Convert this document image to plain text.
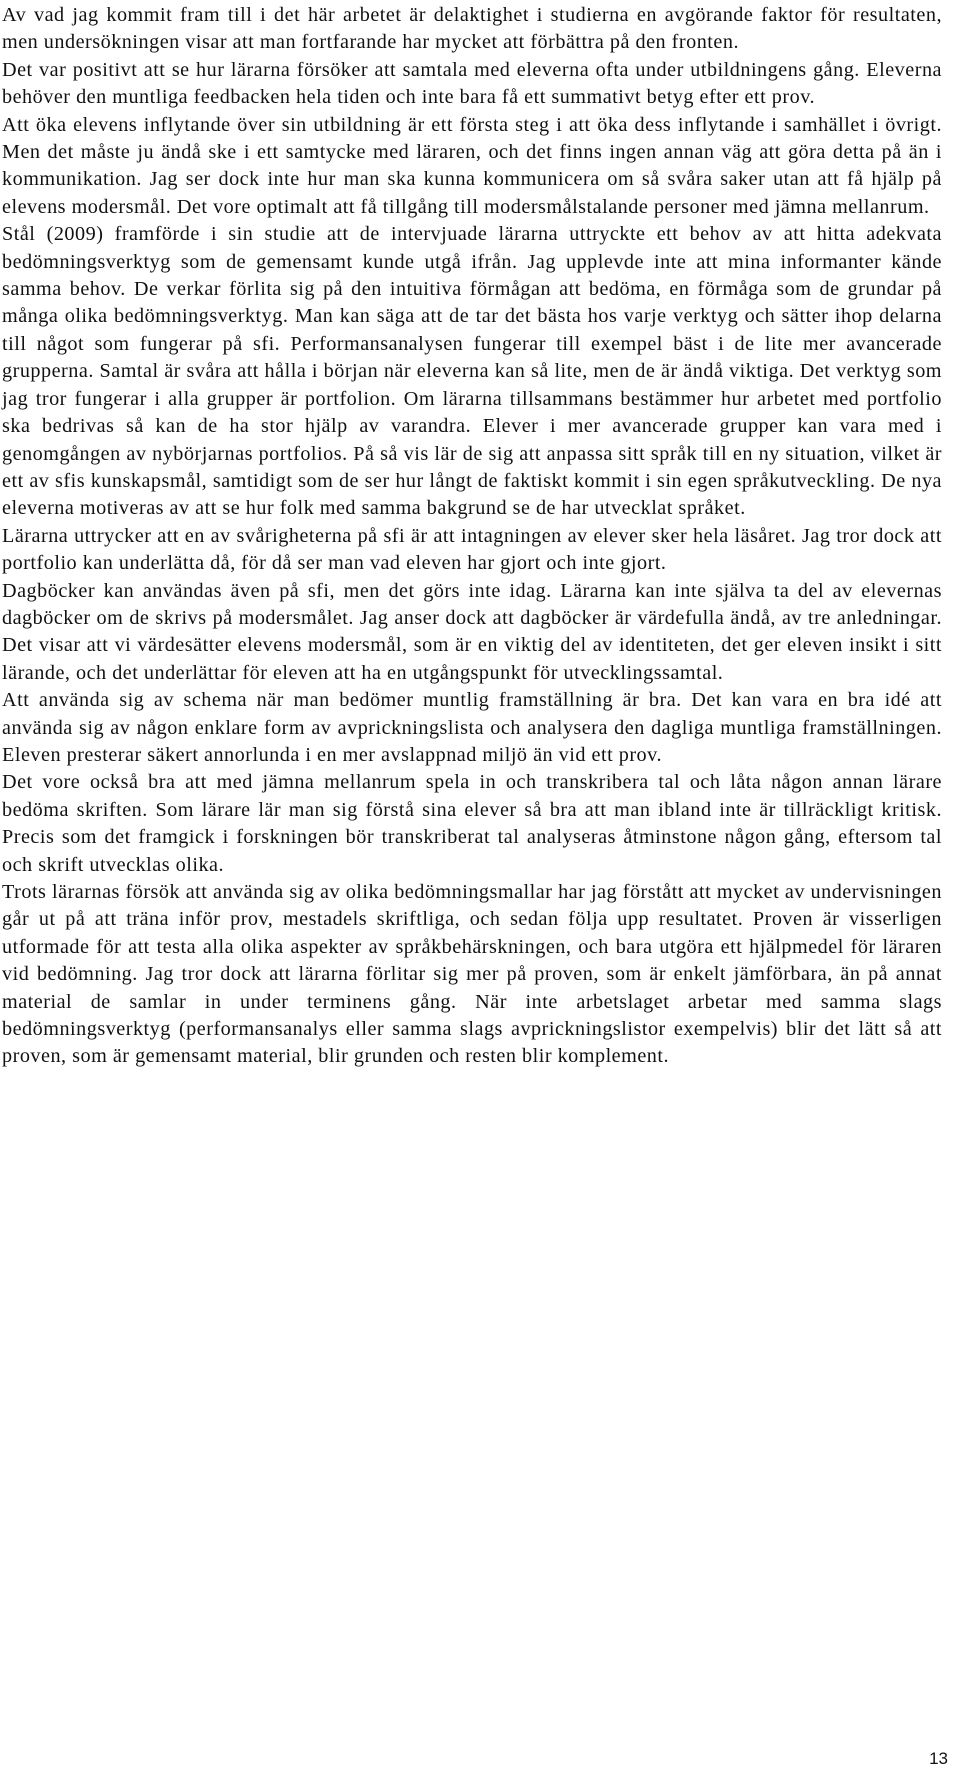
Av vad jag kommit fram till i det här arbetet är delaktighet i studierna en avgörande faktor för resultaten, men undersökningen visar att man fortfarande har mycket att förbättra på den fronten.

Det var positivt att se hur lärarna försöker att samtala med eleverna ofta under utbildningens gång. Eleverna behöver den muntliga feedbacken hela tiden och inte bara få ett summativt betyg efter ett prov.

Att öka elevens inflytande över sin utbildning är ett första steg i att öka dess inflytande i samhället i övrigt. Men det måste ju ändå ske i ett samtycke med läraren, och det finns ingen annan väg att göra detta på än i kommunikation. Jag ser dock inte hur man ska kunna kommunicera om så svåra saker utan att få hjälp på elevens modersmål. Det vore optimalt att få tillgång till modersmålstalande personer med jämna mellanrum.

Stål (2009) framförde i sin studie att de intervjuade lärarna uttryckte ett behov av att hitta adekvata bedömningsverktyg som de gemensamt kunde utgå ifrån. Jag upplevde inte att mina informanter kände samma behov. De verkar förlita sig på den intuitiva förmågan att bedöma, en förmåga som de grundar på många olika bedömningsverktyg. Man kan säga att de tar det bästa hos varje verktyg och sätter ihop delarna till något som fungerar på sfi. Performansanalysen fungerar till exempel bäst i de lite mer avancerade grupperna. Samtal är svåra att hålla i början när eleverna kan så lite, men de är ändå viktiga. Det verktyg som jag tror fungerar i alla grupper är portfolion. Om lärarna tillsammans bestämmer hur arbetet med portfolio ska bedrivas så kan de ha stor hjälp av varandra. Elever i mer avancerade grupper kan vara med i genomgången av nybörjarnas portfolios. På så vis lär de sig att anpassa sitt språk till en ny situation, vilket är ett av sfis kunskapsmål, samtidigt som de ser hur långt de faktiskt kommit i sin egen språkutveckling. De nya eleverna motiveras av att se hur folk med samma bakgrund se de har utvecklat språket.

Lärarna uttrycker att en av svårigheterna på sfi är att intagningen av elever sker hela läsåret. Jag tror dock att portfolio kan underlätta då, för då ser man vad eleven har gjort och inte gjort.

Dagböcker kan användas även på sfi, men det görs inte idag. Lärarna kan inte själva ta del av elevernas dagböcker om de skrivs på modersmålet. Jag anser dock att dagböcker är värdefulla ändå, av tre anledningar. Det visar att vi värdesätter elevens modersmål, som är en viktig del av identiteten, det ger eleven insikt i sitt lärande, och det underlättar för eleven att ha en utgångspunkt för utvecklingssamtal.

Att använda sig av schema när man bedömer muntlig framställning är bra. Det kan vara en bra idé att använda sig av någon enklare form av avprickningslista och analysera den dagliga muntliga framställningen. Eleven presterar säkert annorlunda i en mer avslappnad miljö än vid ett prov.

Det vore också bra att med jämna mellanrum spela in och transkribera tal och låta någon annan lärare bedöma skriften. Som lärare lär man sig förstå sina elever så bra att man ibland inte är tillräckligt kritisk. Precis som det framgick i forskningen bör transkriberat tal analyseras åtminstone någon gång, eftersom tal och skrift utvecklas olika.

Trots lärarnas försök att använda sig av olika bedömningsmallar har jag förstått att mycket av undervisningen går ut på att träna inför prov, mestadels skriftliga, och sedan följa upp resultatet. Proven är visserligen utformade för att testa alla olika aspekter av språkbehärskningen, och bara utgöra ett hjälpmedel för läraren vid bedömning. Jag tror dock att lärarna förlitar sig mer på proven, som är enkelt jämförbara, än på annat material de samlar in under terminens gång. När inte arbetslaget arbetar med samma slags bedömningsverktyg (performansanalys eller samma slags avprickningslistor exempelvis) blir det lätt så att proven, som är gemensamt material, blir grunden och resten blir komplement.

13
